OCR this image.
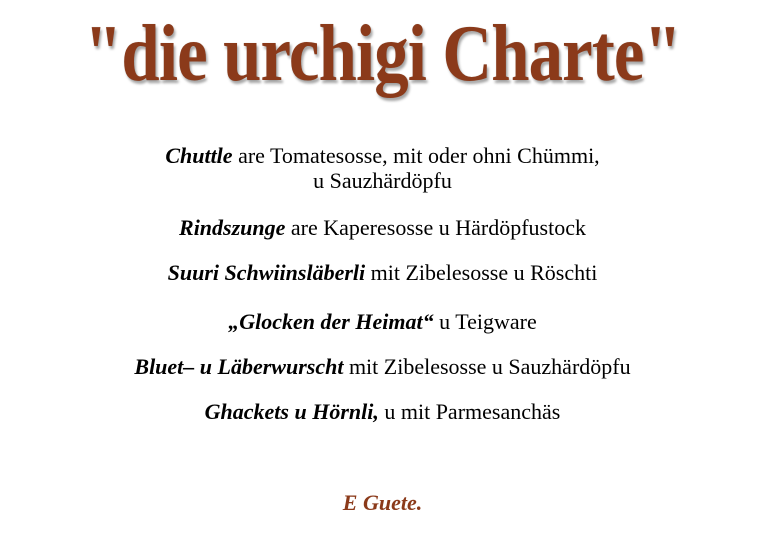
"die urchigi Charte"
Chuttle are Tomatesosse, mit oder ohni Chümmi,
u Sauzhärdöpfu
Rindszunge are Kaperesosse u Härdöpfustock
Suuri Schwiinsläberli mit Zibelesosse u Röschti
„Glocken der Heimat“ u Teigware
Bluet– u Läberwurscht mit Zibelesosse u Sauzhärdöpfu
Ghackets u Hörnli, u mit Parmesanchäs
E Guete.
